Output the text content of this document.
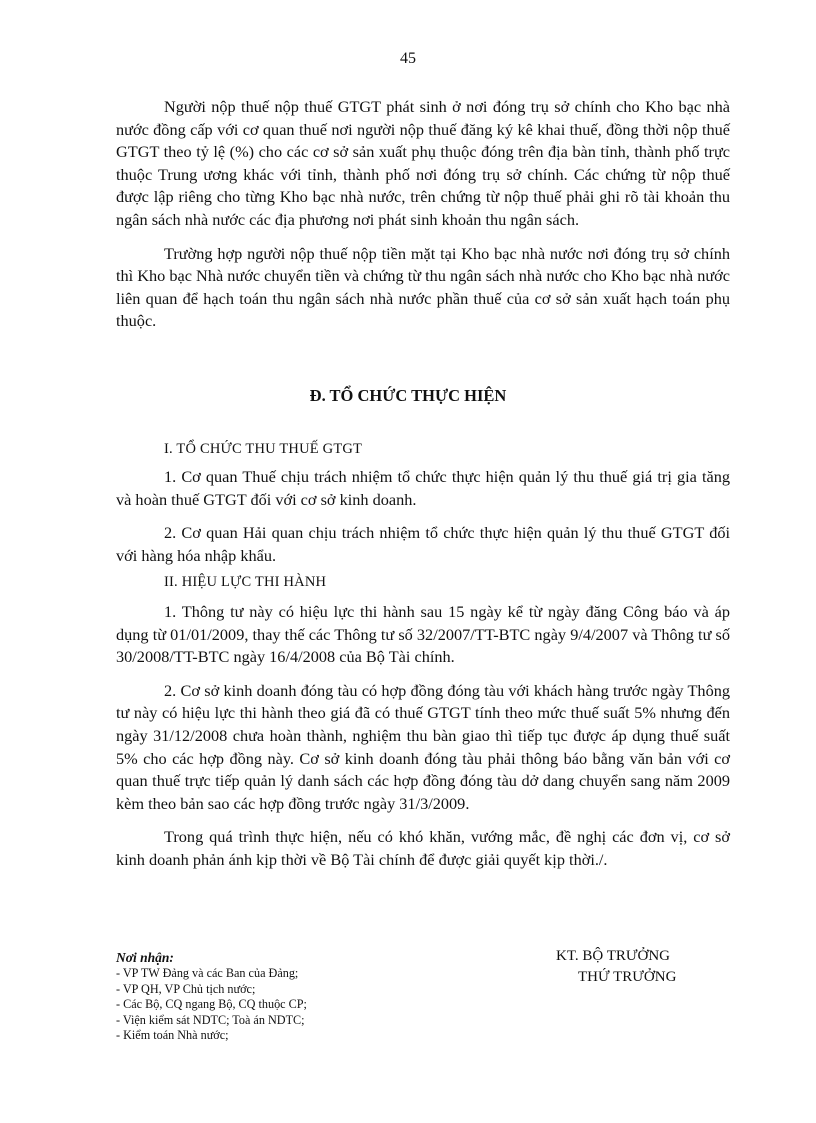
45

Người nộp thuế nộp thuế GTGT phát sinh ở nơi đóng trụ sở chính cho Kho bạc nhà nước đồng cấp với cơ quan thuế nơi người nộp thuế đăng ký kê khai thuế, đồng thời nộp thuế GTGT theo tỷ lệ (%) cho các cơ sở sản xuất phụ thuộc đóng trên địa bàn tỉnh, thành phố trực thuộc Trung ương khác với tỉnh, thành phố nơi đóng trụ sở chính. Các chứng từ nộp thuế được lập riêng cho từng Kho bạc nhà nước, trên chứng từ nộp thuế phải ghi rõ tài khoản thu ngân sách nhà nước các địa phương nơi phát sinh khoản thu ngân sách.

Trường hợp người nộp thuế nộp tiền mặt tại Kho bạc nhà nước nơi đóng trụ sở chính thì Kho bạc Nhà nước chuyển tiền và chứng từ thu ngân sách nhà nước cho Kho bạc nhà nước liên quan để hạch toán thu ngân sách nhà nước phần thuế của cơ sở sản xuất hạch toán phụ thuộc.

Đ. TỔ CHỨC THỰC HIỆN
I. TỔ CHỨC THU THUẾ GTGT

1. Cơ quan Thuế chịu trách nhiệm tổ chức thực hiện quản lý thu thuế giá trị gia tăng và hoàn thuế GTGT đối với cơ sở kinh doanh.

2. Cơ quan Hải quan chịu trách nhiệm tổ chức thực hiện quản lý thu thuế GTGT đối với hàng hóa nhập khẩu.

II. HIỆU LỰC THI HÀNH

1. Thông tư này có hiệu lực thi hành sau 15 ngày kể từ ngày đăng Công báo và áp dụng từ 01/01/2009, thay thế các Thông tư số 32/2007/TT-BTC ngày 9/4/2007 và Thông tư số 30/2008/TT-BTC ngày 16/4/2008 của Bộ Tài chính.

2. Cơ sở kinh doanh đóng tàu có hợp đồng đóng tàu với khách hàng trước ngày Thông tư này có hiệu lực thi hành theo giá đã có thuế GTGT tính theo mức thuế suất 5% nhưng đến ngày 31/12/2008 chưa hoàn thành, nghiệm thu bàn giao thì tiếp tục được áp dụng thuế suất 5% cho các hợp đồng này. Cơ sở kinh doanh đóng tàu phải thông báo bằng văn bản với cơ quan thuế trực tiếp quản lý danh sách các hợp đồng đóng tàu dở dang chuyển sang năm 2009 kèm theo bản sao các hợp đồng trước ngày 31/3/2009.

Trong quá trình thực hiện, nếu có khó khăn, vướng mắc, đề nghị các đơn vị, cơ sở kinh doanh phản ánh kịp thời về Bộ Tài chính để được giải quyết kịp thời./.

Nơi nhận:
- VP TW Đảng và các Ban của Đảng;
- VP QH, VP Chủ tịch nước;
- Các Bộ, CQ ngang Bộ, CQ thuộc CP;
- Viện kiểm sát NDTC; Toà án NDTC;
- Kiểm toán Nhà nước;
KT. BỘ TRƯỞNG
THỨ TRƯỞNG
